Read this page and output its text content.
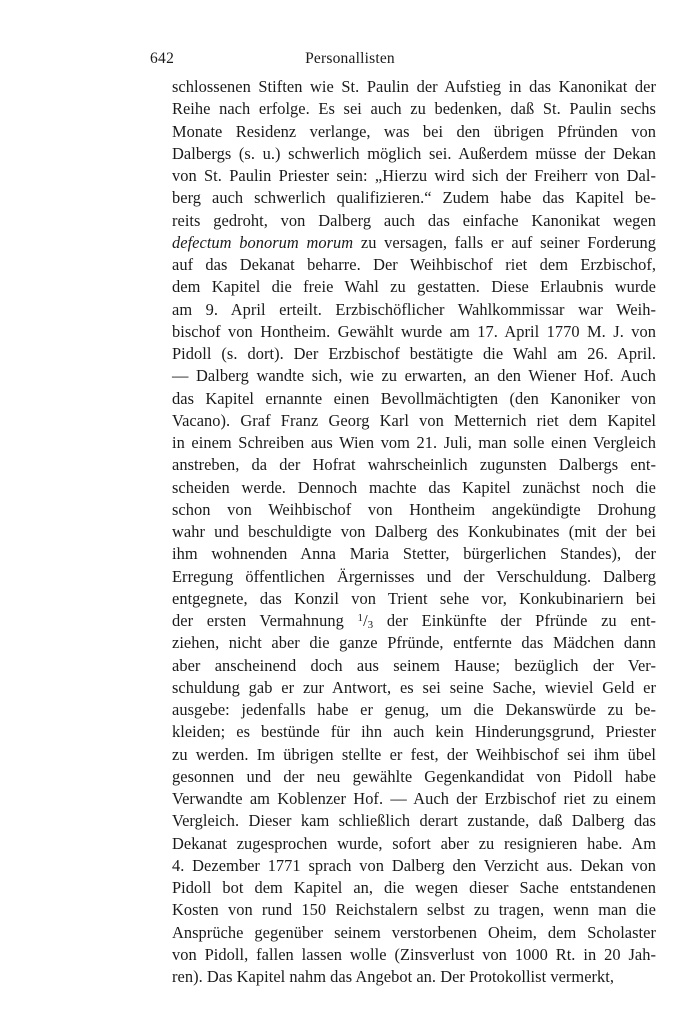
642	Personallisten
schlossenen Stiften wie St. Paulin der Aufstieg in das Kanonikat der
Reihe nach erfolge. Es sei auch zu bedenken, daß St. Paulin sechs
Monate Residenz verlange, was bei den übrigen Pfründen von
Dalbergs (s. u.) schwerlich möglich sei. Außerdem müsse der Dekan
von St. Paulin Priester sein: „Hierzu wird sich der Freiherr von Dal-
berg auch schwerlich qualifizieren.“ Zudem habe das Kapitel be-
reits gedroht, von Dalberg auch das einfache Kanonikat wegen
defectum bonorum morum zu versagen, falls er auf seiner Forderung
auf das Dekanat beharre. Der Weihbischof riet dem Erzbischof,
dem Kapitel die freie Wahl zu gestatten. Diese Erlaubnis wurde
am 9. April erteilt. Erzbischöflicher Wahlkommissar war Weih-
bischof von Hontheim. Gewählt wurde am 17. April 1770 M. J. von
Pidoll (s. dort). Der Erzbischof bestätigte die Wahl am 26. April.
— Dalberg wandte sich, wie zu erwarten, an den Wiener Hof. Auch
das Kapitel ernannte einen Bevollmächtigten (den Kanoniker von
Vacano). Graf Franz Georg Karl von Metternich riet dem Kapitel
in einem Schreiben aus Wien vom 21. Juli, man solle einen Vergleich
anstreben, da der Hofrat wahrscheinlich zugunsten Dalbergs ent-
scheiden werde. Dennoch machte das Kapitel zunächst noch die
schon von Weihbischof von Hontheim angekündigte Drohung
wahr und beschuldigte von Dalberg des Konkubinates (mit der bei
ihm wohnenden Anna Maria Stetter, bürgerlichen Standes), der
Erregung öffentlichen Ärgernisses und der Verschuldung. Dalberg
entgegnete, das Konzil von Trient sehe vor, Konkubinariern bei
der ersten Vermahnung $^1$/3 der Einkünfte der Pfründe zu ent-
ziehen, nicht aber die ganze Pfründe, entfernte das Mädchen dann
aber anscheinend doch aus seinem Hause; bezüglich der Ver-
schuldung gab er zur Antwort, es sei seine Sache, wieviel Geld er
ausgebe: jedenfalls habe er genug, um die Dekanswürde zu be-
kleiden; es bestünde für ihn auch kein Hinderungsgrund, Priester
zu werden. Im übrigen stellte er fest, der Weihbischof sei ihm übel
gesonnen und der neu gewählte Gegenkandidat von Pidoll habe
Verwandte am Koblenzer Hof. — Auch der Erzbischof riet zu einem
Vergleich. Dieser kam schließlich derart zustande, daß Dalberg das
Dekanat zugesprochen wurde, sofort aber zu resignieren habe. Am
4. Dezember 1771 sprach von Dalberg den Verzicht aus. Dekan von
Pidoll bot dem Kapitel an, die wegen dieser Sache entstandenen
Kosten von rund 150 Reichstalern selbst zu tragen, wenn man die
Ansprüche gegenüber seinem verstorbenen Oheim, dem Scholaster
von Pidoll, fallen lassen wolle (Zinsverlust von 1000 Rt. in 20 Jah-
ren). Das Kapitel nahm das Angebot an. Der Protokollist vermerkt,
